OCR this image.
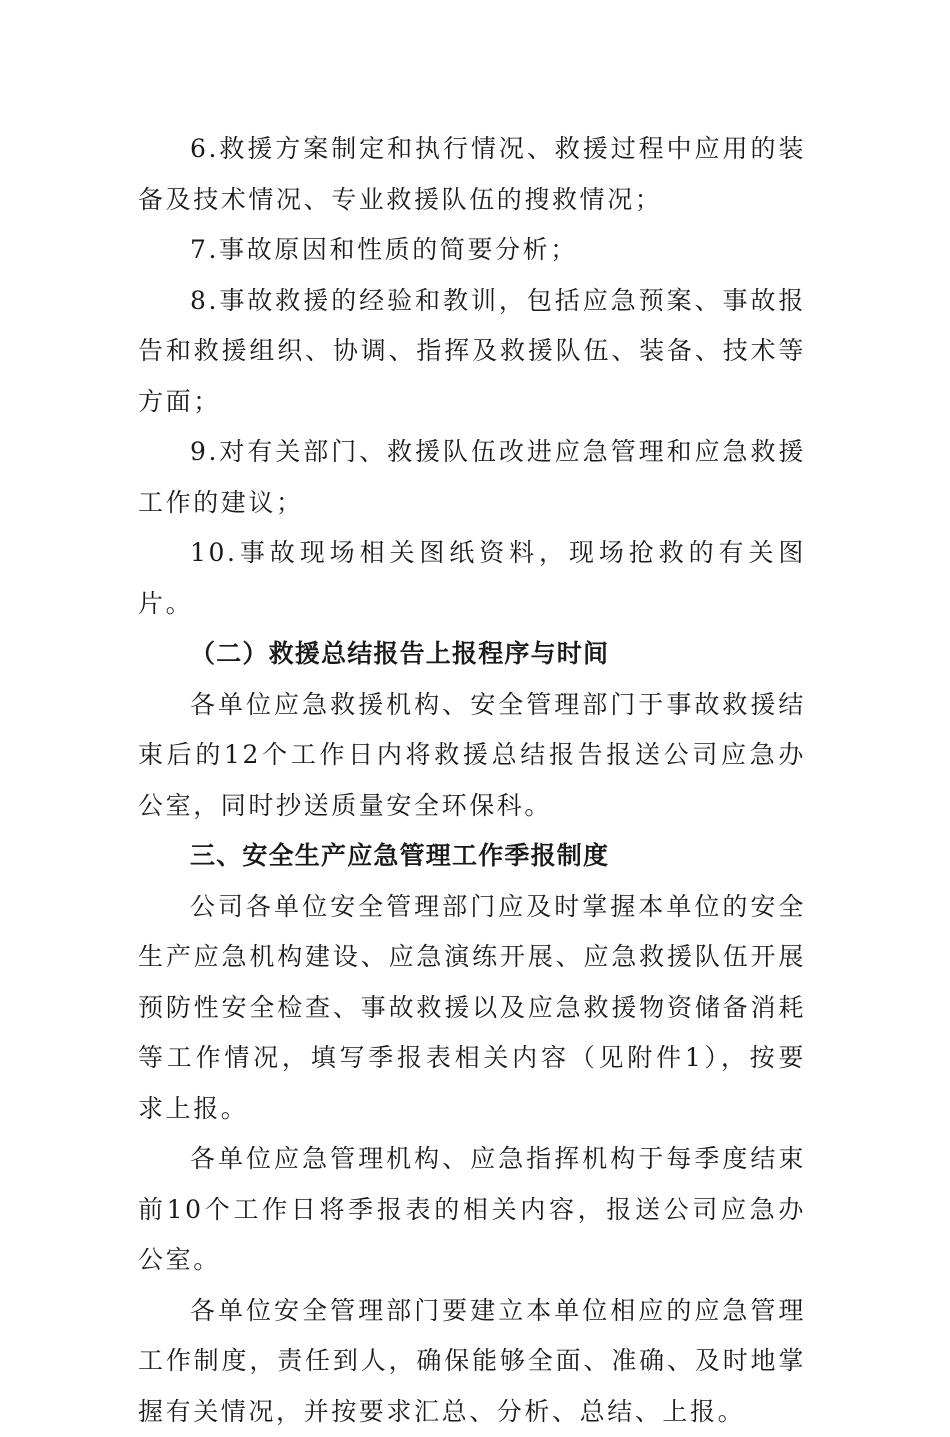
6.救援方案制定和执行情况、救援过程中应用的装备及技术情况、专业救援队伍的搜救情况；

7.事故原因和性质的简要分析；

8.事故救援的经验和教训，包括应急预案、事故报告和救援组织、协调、指挥及救援队伍、装备、技术等方面；

9.对有关部门、救援队伍改进应急管理和应急救援工作的建议；

10.事故现场相关图纸资料，现场抢救的有关图片。

（二）救援总结报告上报程序与时间

各单位应急救援机构、安全管理部门于事故救援结束后的12个工作日内将救援总结报告报送公司应急办公室，同时抄送质量安全环保科。

三、安全生产应急管理工作季报制度

公司各单位安全管理部门应及时掌握本单位的安全生产应急机构建设、应急演练开展、应急救援队伍开展预防性安全检查、事故救援以及应急救援物资储备消耗等工作情况，填写季报表相关内容（见附件1），按要求上报。

各单位应急管理机构、应急指挥机构于每季度结束前10个工作日将季报表的相关内容，报送公司应急办公室。

各单位安全管理部门要建立本单位相应的应急管理工作制度，责任到人，确保能够全面、准确、及时地掌握有关情况，并按要求汇总、分析、总结、上报。
